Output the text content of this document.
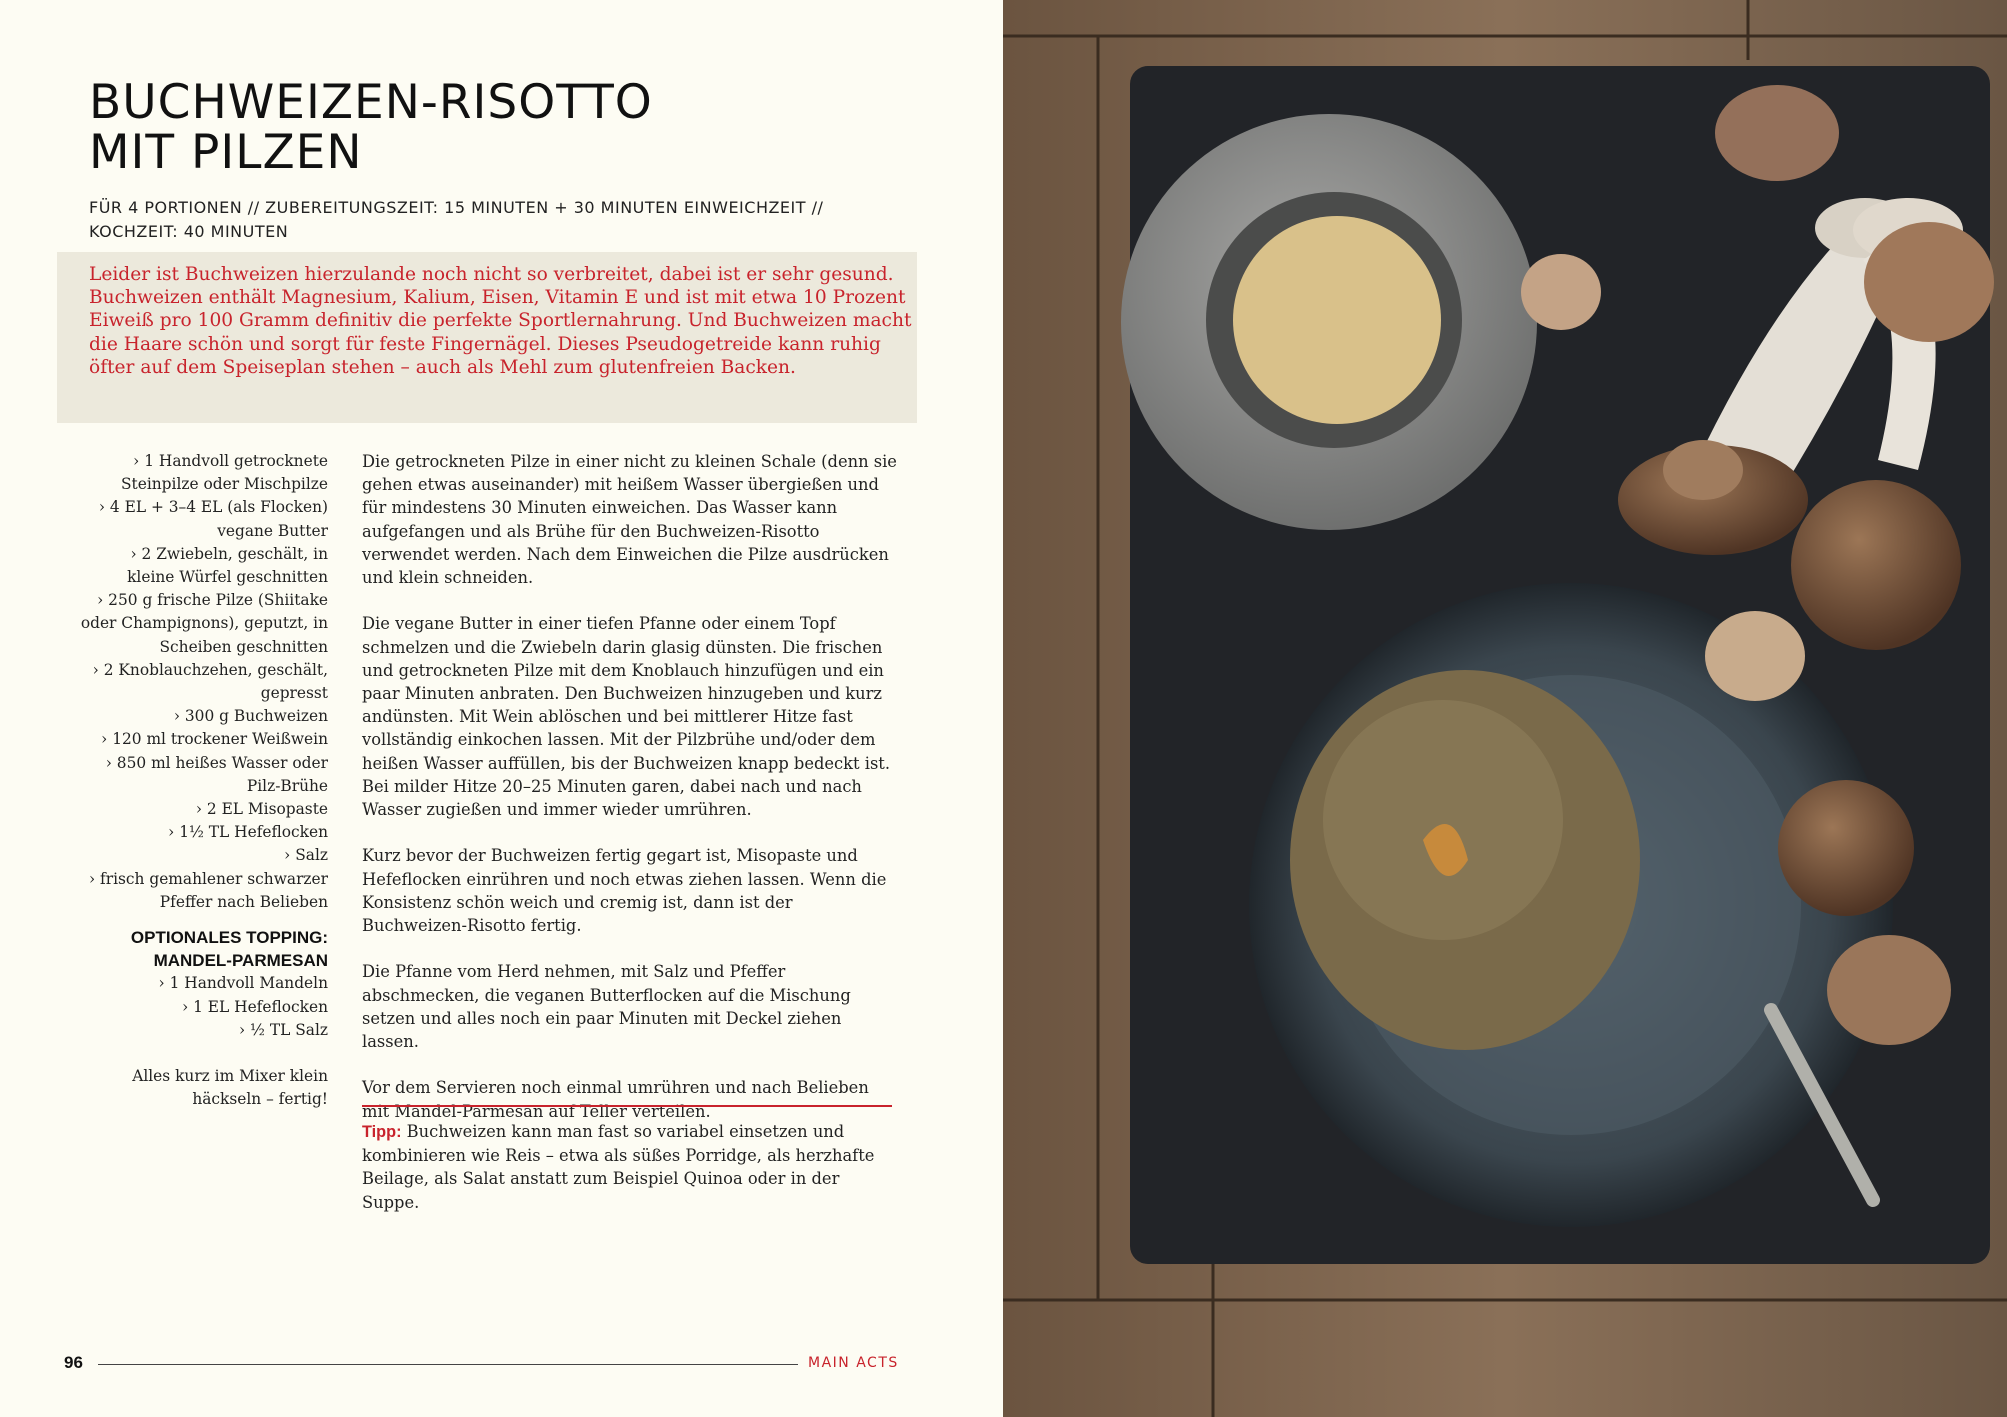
BUCHWEIZEN-RISOTTO
MIT PILZEN

FÜR 4 PORTIONEN // ZUBEREITUNGSZEIT: 15 MINUTEN + 30 MINUTEN EINWEICHZEIT // KOCHZEIT: 40 MINUTEN

Leider ist Buchweizen hierzulande noch nicht so verbreitet, dabei ist er sehr gesund. Buchweizen enthält Magnesium, Kalium, Eisen, Vitamin E und ist mit etwa 10 Prozent Eiweiß pro 100 Gramm definitiv die perfekte Sportlernahrung. Und Buchweizen macht die Haare schön und sorgt für feste Fingernägel. Dieses Pseudogetreide kann ruhig öfter auf dem Speiseplan stehen – auch als Mehl zum glutenfreien Backen.

› 1 Handvoll getrocknete Steinpilze oder Mischpilze
› 4 EL + 3–4 EL (als Flocken) vegane Butter
› 2 Zwiebeln, geschält, in kleine Würfel geschnitten
› 250 g frische Pilze (Shiitake oder Champignons), geputzt, in Scheiben geschnitten
› 2 Knoblauchzehen, geschält, gepresst
› 300 g Buchweizen
› 120 ml trockener Weißwein
› 850 ml heißes Wasser oder Pilz-Brühe
› 2 EL Misopaste
› 1½ TL Hefeflocken
› Salz
› frisch gemahlener schwarzer Pfeffer nach Belieben
OPTIONALES TOPPING: MANDEL-PARMESAN
› 1 Handvoll Mandeln
› 1 EL Hefeflocken
› ½ TL Salz

Alles kurz im Mixer klein häckseln – fertig!

Die getrockneten Pilze in einer nicht zu kleinen Schale (denn sie gehen etwas auseinander) mit heißem Wasser übergießen und für mindestens 30 Minuten einweichen. Das Wasser kann aufgefangen und als Brühe für den Buchweizen-Risotto verwendet werden. Nach dem Einweichen die Pilze ausdrücken und klein schneiden.

Die vegane Butter in einer tiefen Pfanne oder einem Topf schmelzen und die Zwiebeln darin glasig dünsten. Die frischen und getrockneten Pilze mit dem Knoblauch hinzufügen und ein paar Minuten anbraten. Den Buchweizen hinzugeben und kurz andünsten. Mit Wein ablöschen und bei mittlerer Hitze fast vollständig einkochen lassen. Mit der Pilzbrühe und/oder dem heißen Wasser auffüllen, bis der Buchweizen knapp bedeckt ist. Bei milder Hitze 20–25 Minuten garen, dabei nach und nach Wasser zugießen und immer wieder umrühren.

Kurz bevor der Buchweizen fertig gegart ist, Misopaste und Hefeflocken einrühren und noch etwas ziehen lassen. Wenn die Konsistenz schön weich und cremig ist, dann ist der Buchweizen-Risotto fertig.

Die Pfanne vom Herd nehmen, mit Salz und Pfeffer abschmecken, die veganen Butterflocken auf die Mischung setzen und alles noch ein paar Minuten mit Deckel ziehen lassen.

Vor dem Servieren noch einmal umrühren und nach Belieben mit Mandel-Parmesan auf Teller verteilen.

Tipp: Buchweizen kann man fast so variabel einsetzen und kombinieren wie Reis – etwa als süßes Porridge, als herzhafte Beilage, als Salat anstatt zum Beispiel Quinoa oder in der Suppe.

96	MAIN ACTS
